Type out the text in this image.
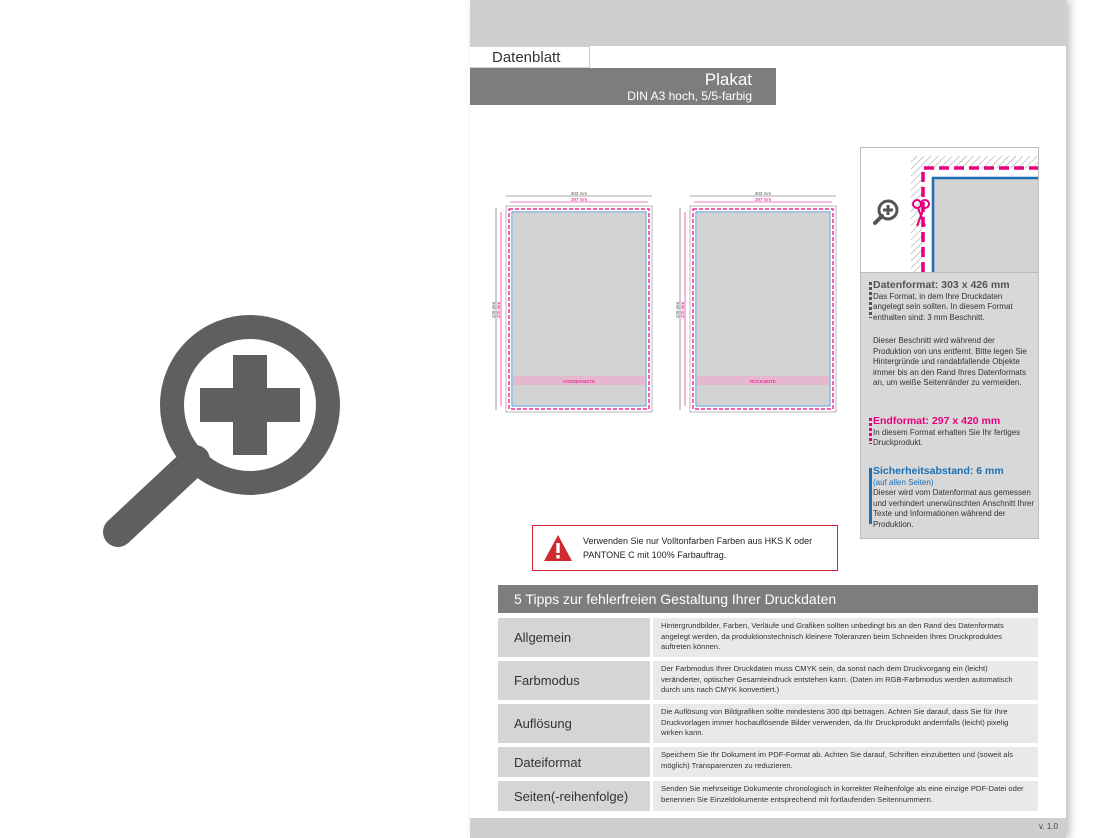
Datenblatt
Plakat
DIN A3 hoch, 5/5-farbig
303 mm
297 mm
426 mm 420 mm
VORDERSEITE
303 mm
297 mm
426 mm 420 mm
RÜCKSEITE
Datenformat: 303 x 426 mm
Das Format, in dem Ihre Druckdaten angelegt sein sollten. In diesem Format enthalten sind: 3 mm Beschnitt.
Dieser Beschnitt wird während der Produktion von uns entfernt. Bitte legen Sie Hintergründe und randabfallende Objekte immer bis an den Rand Ihres Datenformats an, um weiße Seitenränder zu vermeiden.
Endformat: 297 x 420 mm
In diesem Format erhalten Sie Ihr fertiges Druckprodukt.
Sicherheitsabstand: 6 mm
(auf allen Seiten)
Dieser wird vom Datenformat aus gemessen und verhindert unerwünschten Anschnitt Ihrer Texte und Informationen während der Produktion.
Verwenden Sie nur Volltonfarben Farben aus HKS K oder PANTONE C mit 100% Farbauftrag.
5 Tipps zur fehlerfreien Gestaltung Ihrer Druckdaten
Allgemein
Hintergrundbilder, Farben, Verläufe und Grafiken sollten unbedingt bis an den Rand des Datenformats angelegt werden, da produktionstechnisch kleinere Toleranzen beim Schneiden Ihres Druckproduktes auftreten können.
Farbmodus
Der Farbmodus Ihrer Druckdaten muss CMYK sein, da sonst nach dem Druckvorgang ein (leicht) veränderter, optischer Gesamteindruck entstehen kann. (Daten im RGB-Farbmodus werden automatisch durch uns nach CMYK konvertiert.)
Auflösung
Die Auflösung von Bildgrafiken sollte mindestens 300 dpi betragen. Achten Sie darauf, dass Sie für Ihre Druckvorlagen immer hochauflösende Bilder verwenden, da Ihr Druckprodukt andernfalls (leicht) pixelig wirken kann.
Dateiformat	Speichern Sie Ihr Dokument im PDF-Format ab. Achten Sie darauf, Schriften einzubetten und (soweit als möglich) Transparenzen zu reduzieren.
Seiten(-reihenfolge)	Senden Sie mehrseitige Dokumente chronologisch in korrekter Reihenfolge als eine einzige PDF-Datei oder benennen Sie Einzeldokumente entsprechend mit fortlaufenden Seitennummern.
v. 1.0
